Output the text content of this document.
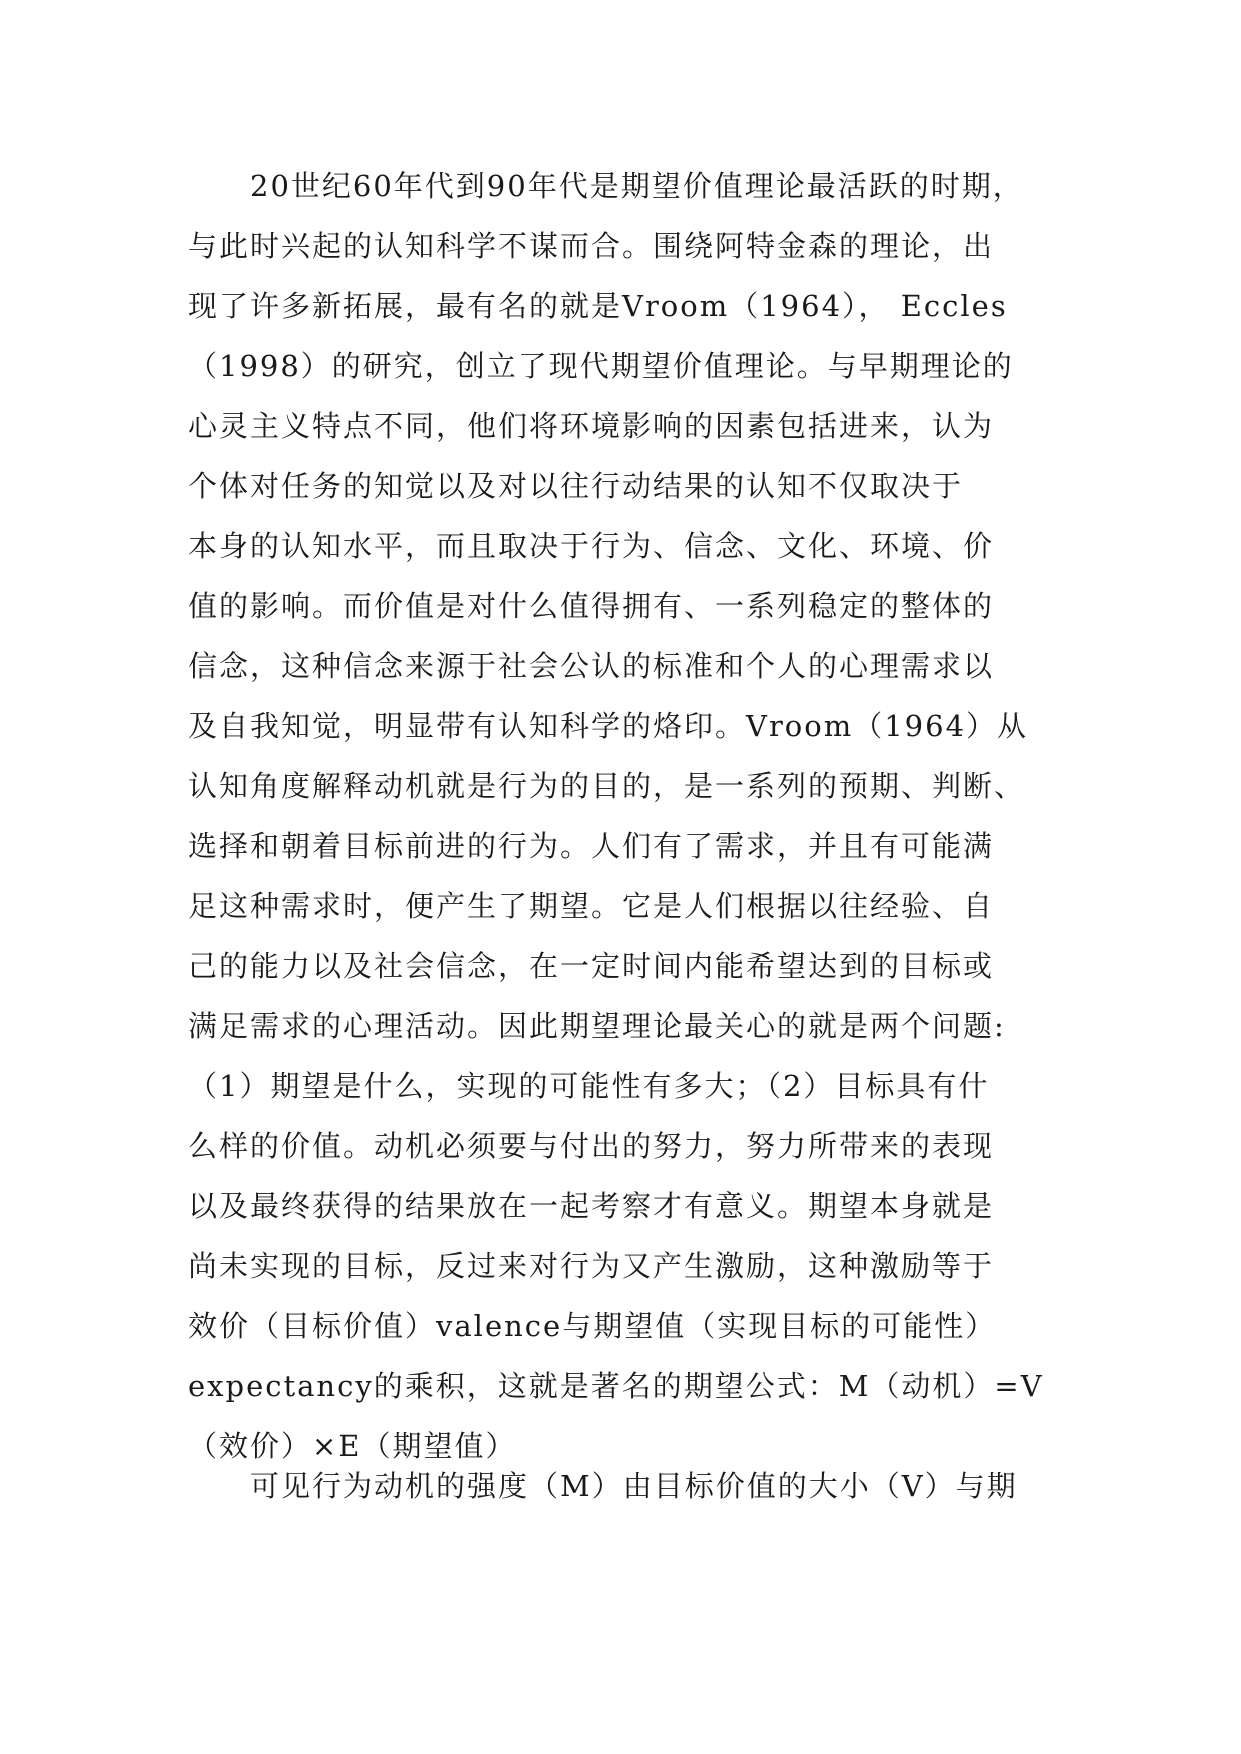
　　20世纪60年代到90年代是期望价值理论最活跃的时期，
与此时兴起的认知科学不谋而合。围绕阿特金森的理论，出
现了许多新拓展，最有名的就是Vroom（1964）， Eccles
（1998）的研究，创立了现代期望价值理论。与早期理论的
心灵主义特点不同，他们将环境影响的因素包括进来，认为
个体对任务的知觉以及对以往行动结果的认知不仅取决于
本身的认知水平，而且取决于行为、信念、文化、环境、价
值的影响。而价值是对什么值得拥有、一系列稳定的整体的
信念，这种信念来源于社会公认的标准和个人的心理需求以
及自我知觉，明显带有认知科学的烙印。Vroom（1964）从
认知角度解释动机就是行为的目的，是一系列的预期、判断、
选择和朝着目标前进的行为。人们有了需求，并且有可能满
足这种需求时，便产生了期望。它是人们根据以往经验、自
己的能力以及社会信念，在一定时间内能希望达到的目标或
满足需求的心理活动。因此期望理论最关心的就是两个问题:
（1）期望是什么，实现的可能性有多大；（2）目标具有什
么样的价值。动机必须要与付出的努力，努力所带来的表现
以及最终获得的结果放在一起考察才有意义。期望本身就是
尚未实现的目标，反过来对行为又产生激励，这种激励等于
效价（目标价值）valence与期望值（实现目标的可能性）
expectancy的乘积，这就是著名的期望公式：M（动机）=V
（效价）×E（期望值）
　　可见行为动机的强度（M）由目标价值的大小（V）与期
